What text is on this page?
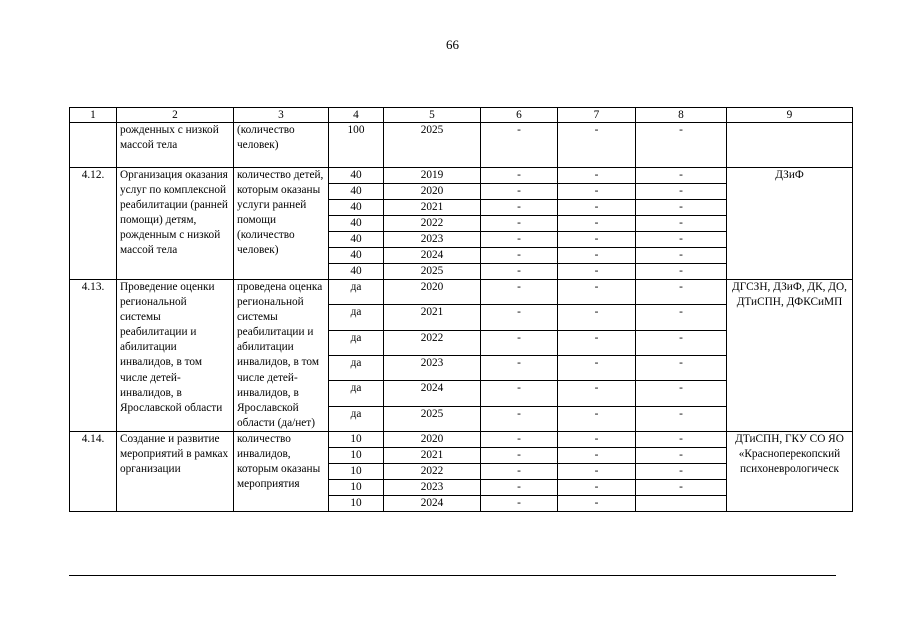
66
1	2	3	4	5	6	7	8	9
	рожденных с низкой массой тела	(количество человек)	100	2025	-	-	-	
4.12.	Организация оказания услуг по комплексной реабилитации (ранней помощи) детям, рожденным с низкой массой тела	количество детей, которым оказаны услуги ранней помощи (количество человек)	40	2019	-	-	-	ДЗиФ
			40	2020	-	-	-	
			40	2021	-	-	-	
			40	2022	-	-	-	
			40	2023	-	-	-	
			40	2024	-	-	-	
			40	2025	-	-	-	
4.13.	Проведение оценки региональной системы реабилитации и абилитации инвалидов, в том числе детей-инвалидов, в Ярославской области	проведена оценка региональной системы реабилитации и абилитации инвалидов, в том числе детей-инвалидов, в Ярославской области (да/нет)	да	2020	-	-	-	ДГСЗН, ДЗиФ, ДК, ДО, ДТиСПН, ДФКСиМП
			да	2021	-	-	-	
			да	2022	-	-	-	
			да	2023	-	-	-	
			да	2024	-	-	-	
			да	2025	-	-	-	
4.14.	Создание и развитие мероприятий в рамках организации	количество инвалидов, которым оказаны мероприятия	10	2020	-	-	-	ДТиСПН, ГКУ СО ЯО «Краснoперекопский психоневрологическ
			10	2021	-	-	-	
			10	2022	-	-	-	
			10	2023	-	-	-	
			10	2024	-	-		
